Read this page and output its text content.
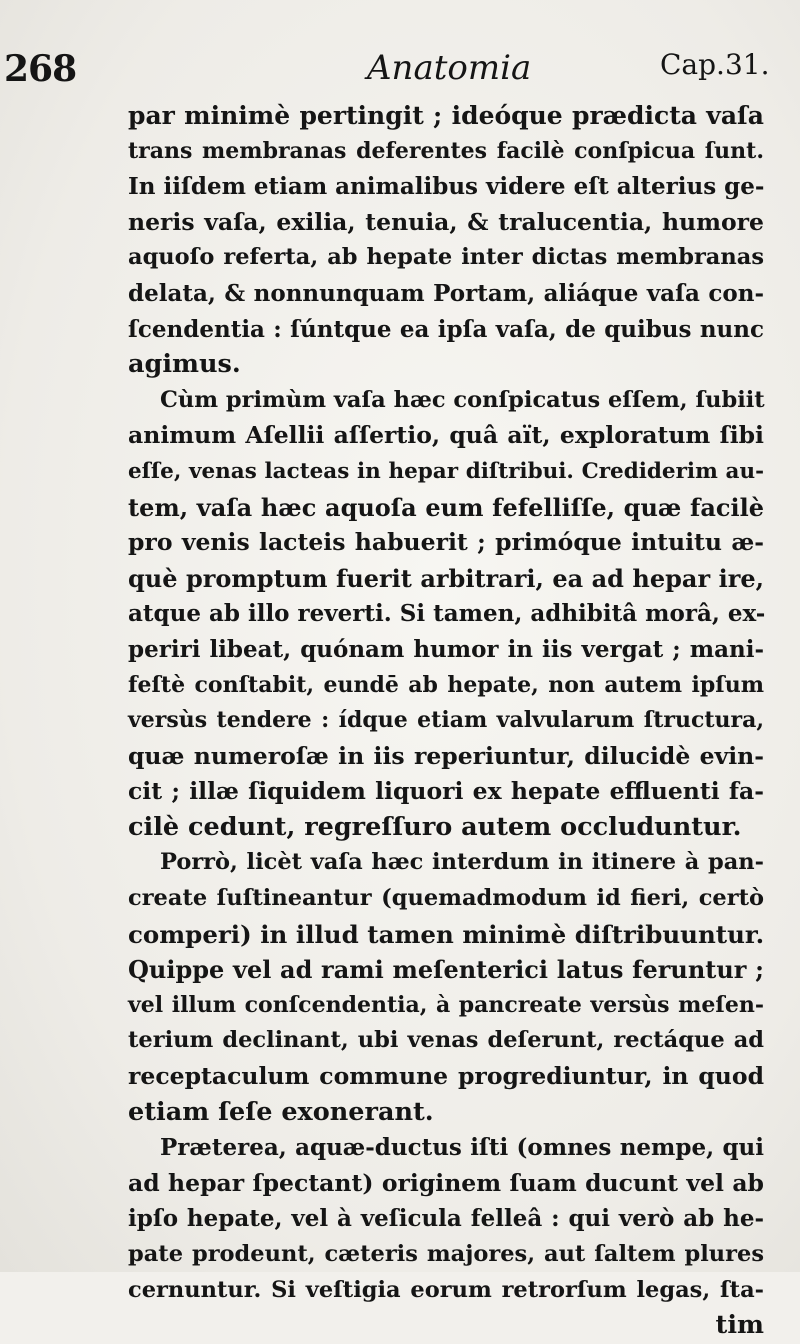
268	Anatomia	Cap.31.
par minimè pertingit ; ideóque prædicta vaſa
trans membranas deferentes facilè conſpicua ſunt.
In iiſdem etiam animalibus videre eſt alterius ge-
neris vaſa, exilia, tenuia, & tralucentia, humore
aquoſo referta, ab hepate inter dictas membranas
delata, & nonnunquam Portam, aliáque vaſa con-
ſcendentia : ſúntque ea ipſa vaſa, de quibus nunc
agimus.
Cùm primùm vaſa hæc conſpicatus eſſem, ſubiit
animum Aſellii aſſertio, quâ aït, exploratum ſibi
eſſe, venas lacteas in hepar diſtribui. Crediderim au-
tem, vaſa hæc aquoſa eum fefelliſſe, quæ facilè
pro venis lacteis habuerit ; primóque intuitu æ-
què promptum fuerit arbitrari, ea ad hepar ire,
atque ab illo reverti. Si tamen, adhibitâ morâ, ex-
periri libeat, quónam humor in iis vergat ; mani-
feſtè conſtabit, eundē ab hepate, non autem ipſum
versùs tendere : ídque etiam valvularum ſtructura,
quæ numeroſæ in iis reperiuntur, dilucidè evin-
cit ; illæ ſiquidem liquori ex hepate effluenti fa-
cilè cedunt, regreſſuro autem occluduntur.
Porrò, licèt vaſa hæc interdum in itinere à pan-
create ſuſtineantur (quemadmodum id fieri, certò
comperi) in illud tamen minimè diſtribuuntur.
Quippe vel ad rami meſenterici latus feruntur ;
vel illum conſcendentia, à pancreate versùs meſen-
terium declinant, ubi venas deſerunt, rectáque ad
receptaculum commune progrediuntur, in quod
etiam ſeſe exonerant.
Præterea, aquæ-ductus iſti (omnes nempe, qui
ad hepar ſpectant) originem ſuam ducunt vel ab
ipſo hepate, vel à veſicula felleâ : qui verò ab he-
pate prodeunt, cæteris majores, aut ſaltem plures
cernuntur. Si veſtigia eorum retrorſum legas, ſta-
tim
